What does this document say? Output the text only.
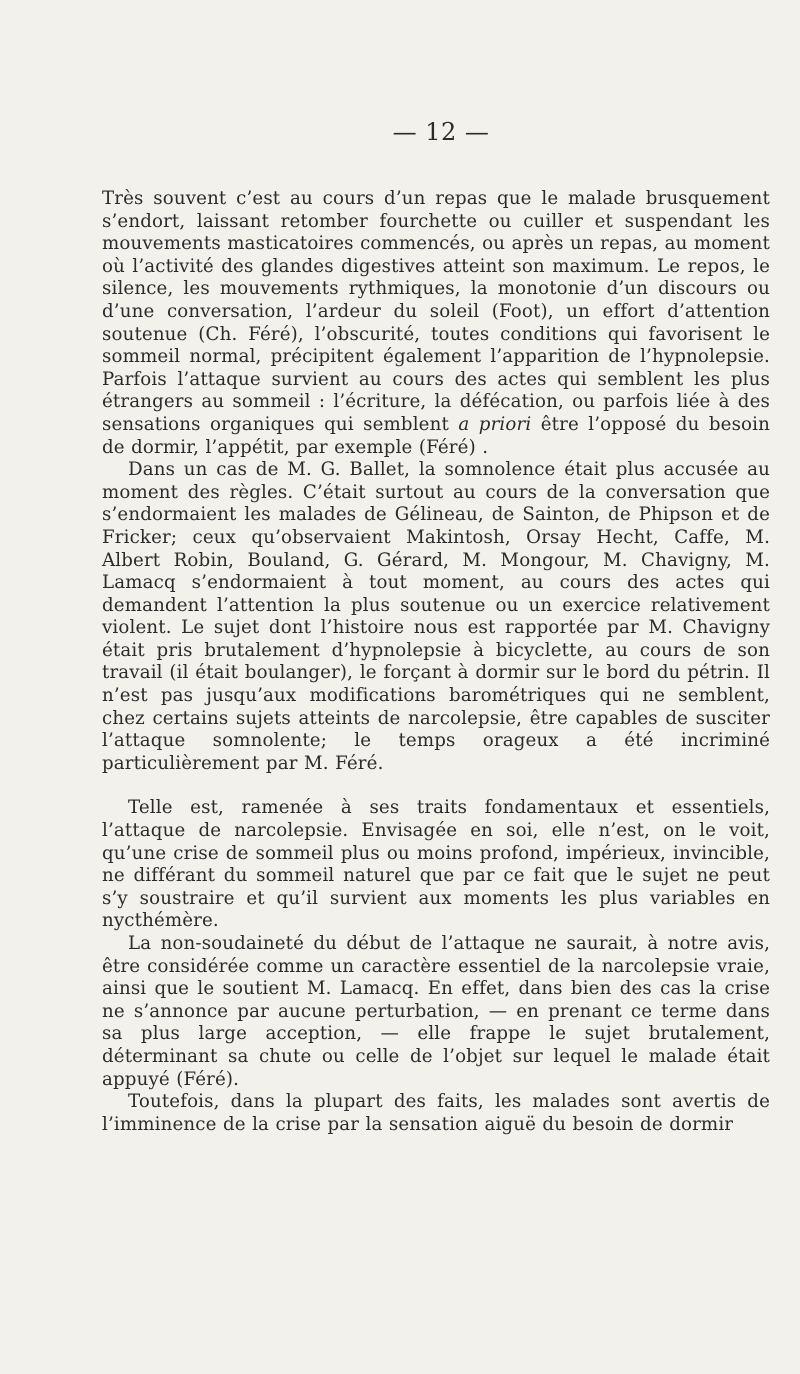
— 12 —

Très souvent c’est au cours d’un repas que le malade brusquement s’endort, laissant retomber fourchette ou cuiller et suspendant les mouvements masticatoires commencés, ou après un repas, au moment où l’activité des glandes digestives atteint son maximum. Le repos, le silence, les mouvements rythmiques, la monotonie d’un discours ou d’une conversation, l’ardeur du soleil (Foot), un effort d’attention soutenue (Ch. Féré), l’obscurité, toutes conditions qui favorisent le sommeil normal, précipitent également l’apparition de l’hypnolepsie. Parfois l’attaque survient au cours des actes qui semblent les plus étrangers au sommeil : l’écriture, la défécation, ou parfois liée à des sensations organiques qui semblent a priori être l’opposé du besoin de dormir, l’appétit, par exemple (Féré) .

Dans un cas de M. G. Ballet, la somnolence était plus accusée au moment des règles. C’était surtout au cours de la conversation que s’endormaient les malades de Gélineau, de Sainton, de Phipson et de Fricker; ceux qu’observaient Makintosh, Orsay Hecht, Caffe, M. Albert Robin, Bouland, G. Gérard, M. Mongour, M. Chavigny, M. Lamacq s’endormaient à tout moment, au cours des actes qui demandent l’attention la plus soutenue ou un exercice relativement violent. Le sujet dont l’histoire nous est rapportée par M. Chavigny était pris brutalement d’hypnolepsie à bicyclette, au cours de son travail (il était boulanger), le forçant à dormir sur le bord du pétrin. Il n’est pas jusqu’aux modifications barométriques qui ne semblent, chez certains sujets atteints de narcolepsie, être capables de susciter l’attaque somnolente; le temps orageux a été incriminé particulièrement par M. Féré.

Telle est, ramenée à ses traits fondamentaux et essentiels, l’attaque de narcolepsie. Envisagée en soi, elle n’est, on le voit, qu’une crise de sommeil plus ou moins profond, impérieux, invincible, ne différant du sommeil naturel que par ce fait que le sujet ne peut s’y soustraire et qu’il survient aux moments les plus variables en nycthémère.

La non-soudaineté du début de l’attaque ne saurait, à notre avis, être considérée comme un caractère essentiel de la narcolepsie vraie, ainsi que le soutient M. Lamacq. En effet, dans bien des cas la crise ne s’annonce par aucune perturbation, — en prenant ce terme dans sa plus large acception, — elle frappe le sujet brutalement, déterminant sa chute ou celle de l’objet sur lequel le malade était appuyé (Féré).

Toutefois, dans la plupart des faits, les malades sont avertis de l’imminence de la crise par la sensation aiguë du besoin de dormir
